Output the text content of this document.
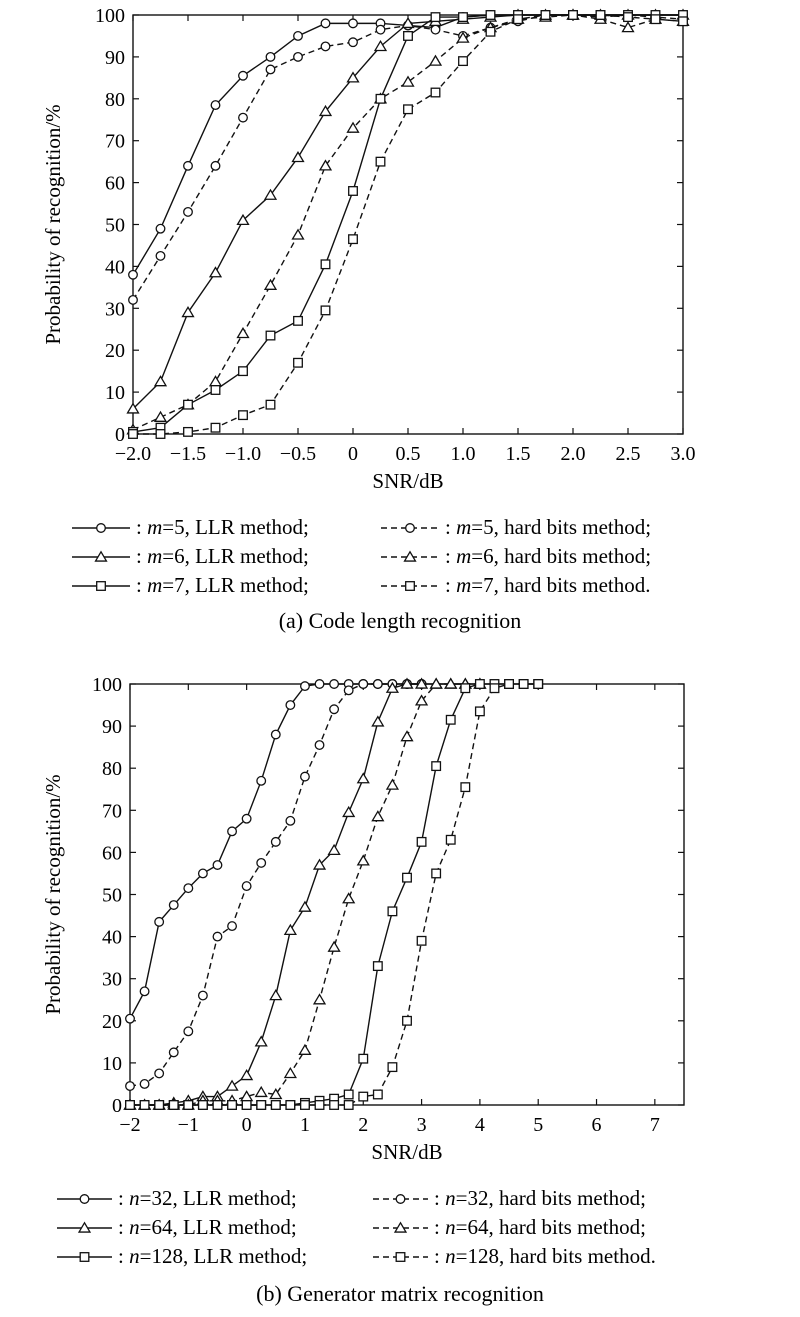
0
10
20
30
40
50
60
70
80
90
100
−2.0 −1.5 −1.0 −0.5 0 0.5 1.0 1.5 2.0 2.5 3.0
SNR/dB
Probability of recognition/%
: m=5, LLR method;	: m=5, hard bits method;
: m=6, LLR method;	: m=6, hard bits method;
: m=7, LLR method;	: m=7, hard bits method.
(a) Code length recognition
0
10
20
30
40
50
60
70
80
90
100
−2 −1 0 1 2 3 4 5 6 7
SNR/dB
Probability of recognition/%
: n=32, LLR method;	: n=32, hard bits method;
: n=64, LLR method;	: n=64, hard bits method;
: n=128, LLR method;	: n=128, hard bits method.
(b) Generator matrix recognition
